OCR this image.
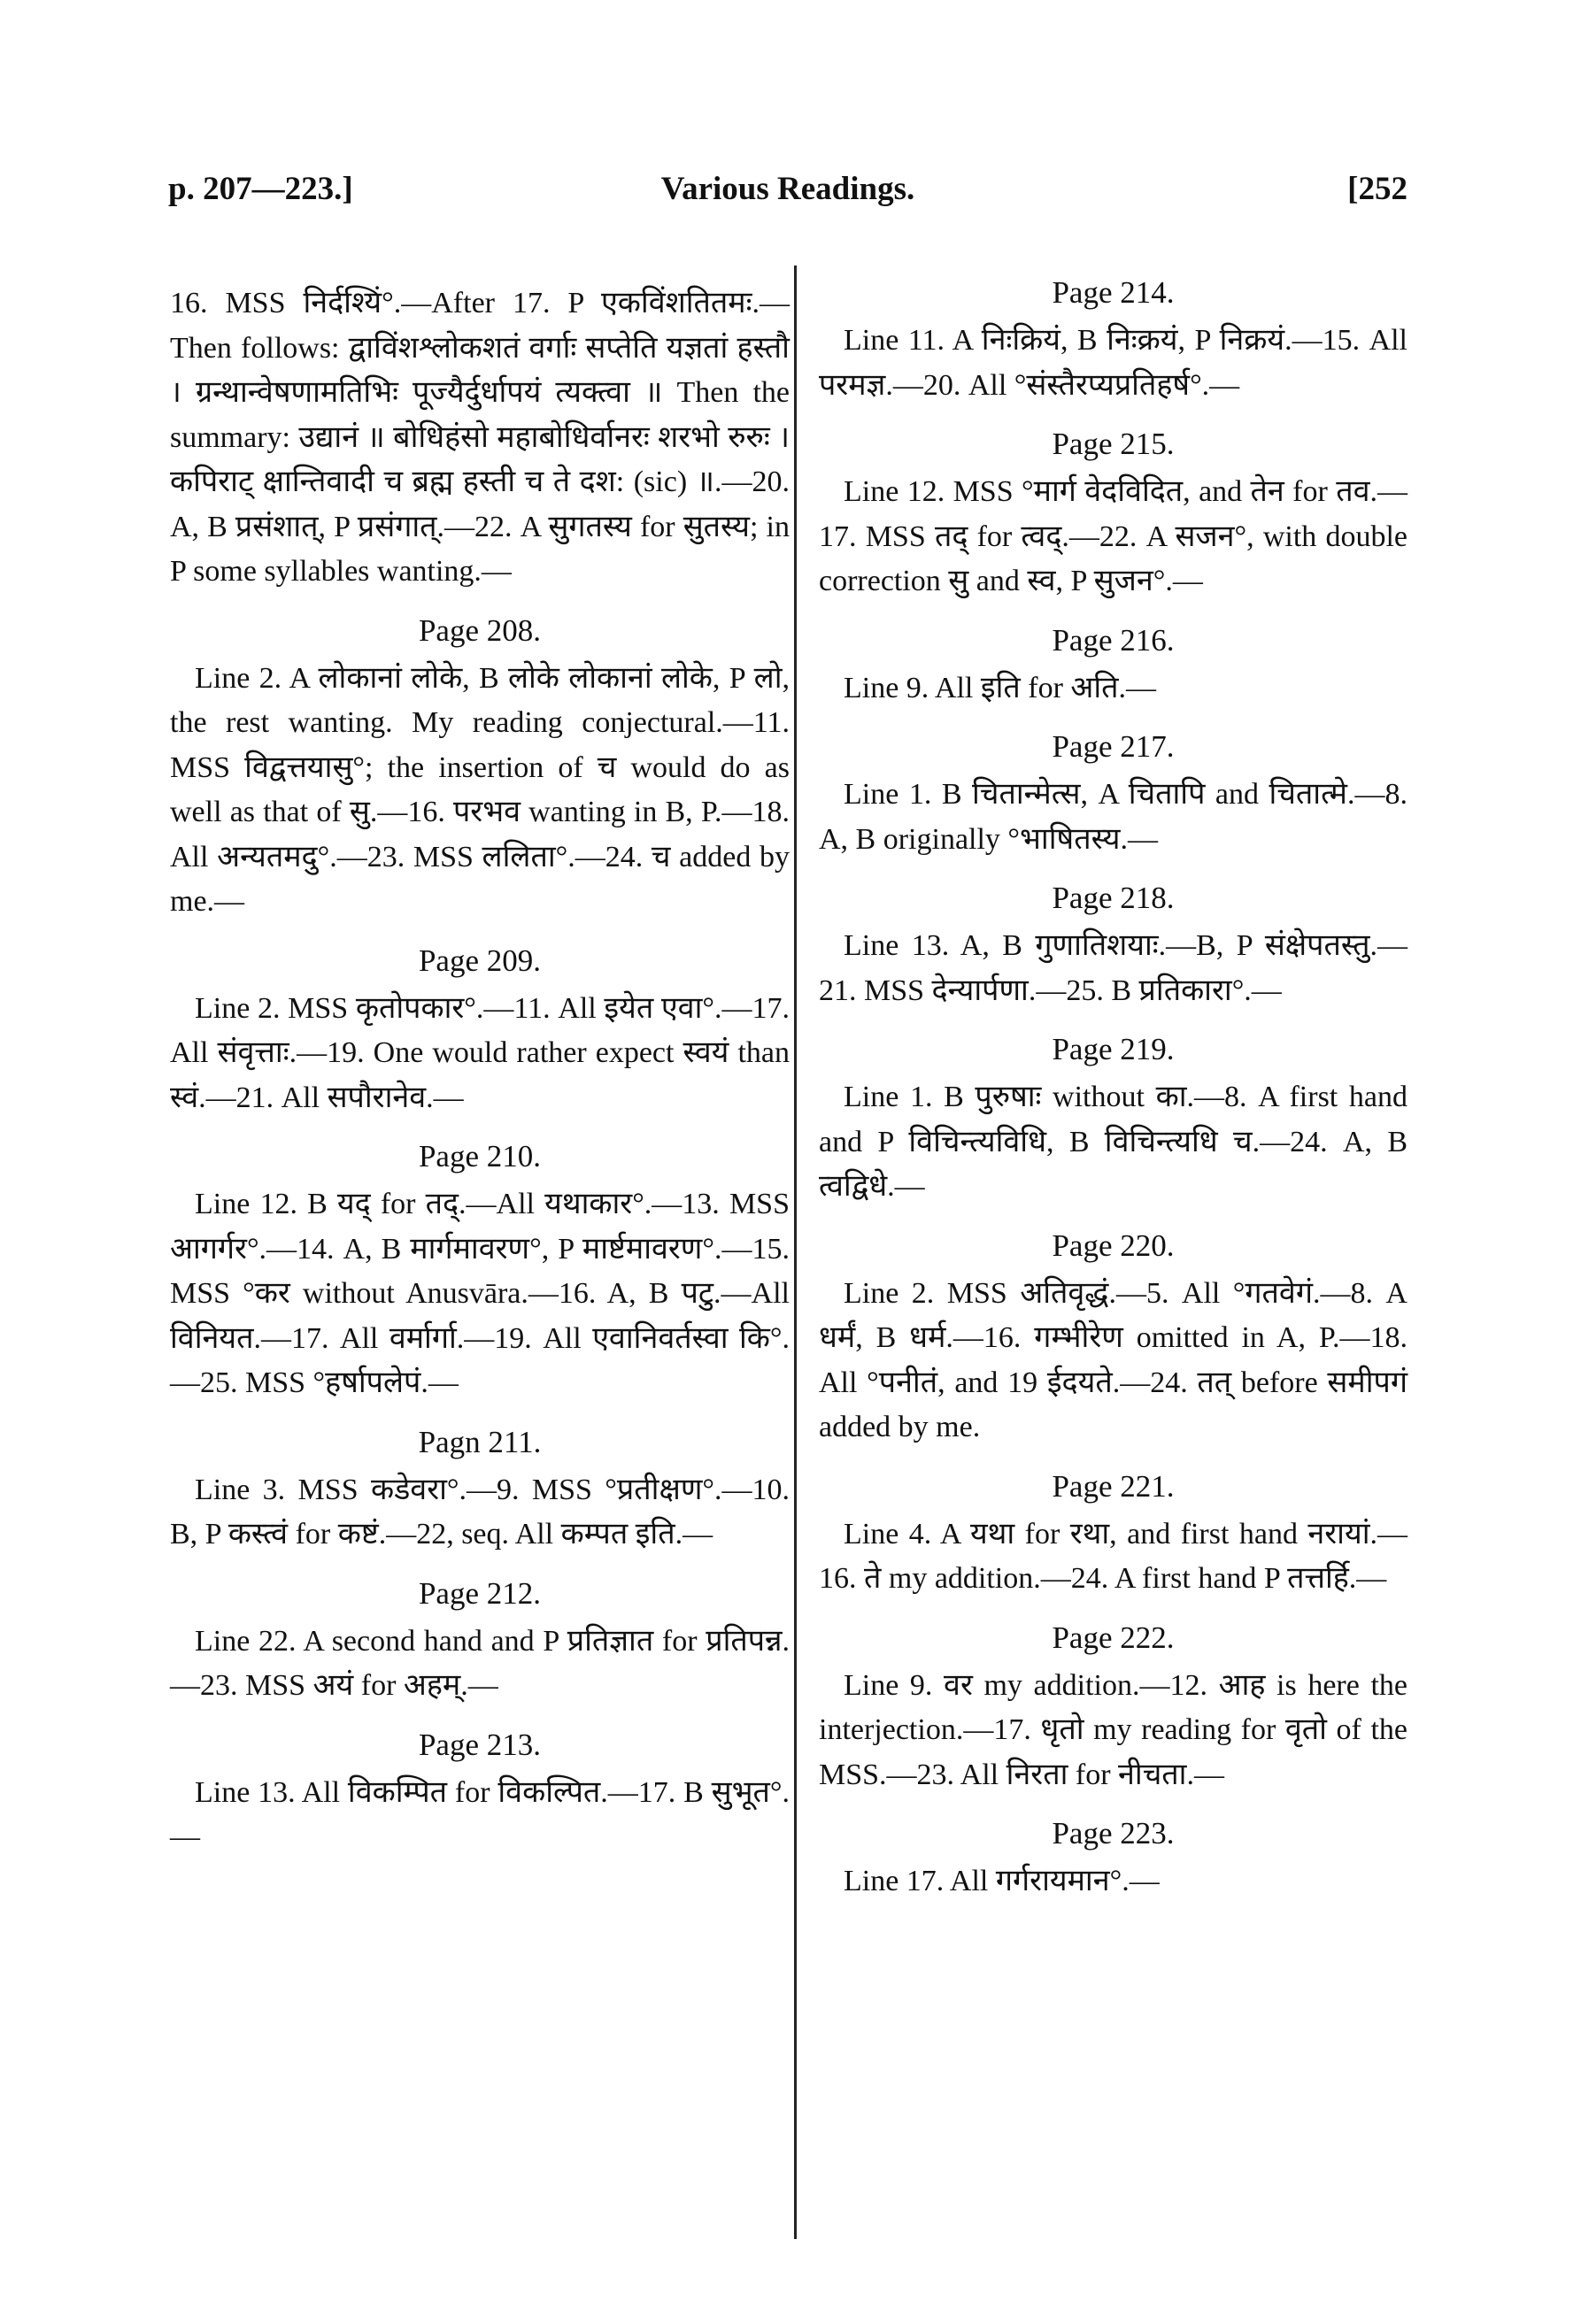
p. 207—223.]	Various Readings.	[252

16. MSS निर्दश्यिं°.—After 17. P एकविंशतितमः.—Then follows: द्वाविंशश्लोकशतं वर्गाः सप्तेति यज्ञतां हस्तौ । ग्रन्थान्वेषणामतिभिः पूज्यैर्दुर्धापयं त्यक्त्वा ॥ Then the summary: उद्यानं ॥ बोधिहंसो महाबोधिर्वानरः शरभो रुरुः । कपिराट् क्षान्तिवादी च ब्रह्म हस्ती च ते दश: (sic) ॥.—20. A, B प्रसंशात्, P प्रसंगात्.—22. A सुगतस्य for सुतस्य; in P some syllables wanting.—

Page 208.

Line 2. A लोकानां लोके, B लोके लोकानां लोके, P लो, the rest wanting. My reading conjectural.—11. MSS विद्वत्तयासु°; the insertion of च would do as well as that of सु.—16. परभव wanting in B, P.—18. All अन्यतमदु°.—23. MSS ललिता°.—24. च added by me.—

Page 209.

Line 2. MSS कृतोपकार°.—11. All इयेत एवा°.—17. All संवृत्ताः.—19. One would rather expect स्वयं than स्वं.—21. All सपौरानेव.—

Page 210.

Line 12. B यद् for तद्.—All यथाकार°.—13. MSS आगर्गर°.—14. A, B मार्गमावरण°, P मार्ष्टमावरण°.—15. MSS °कर without Anusvāra.—16. A, B पटु.—All विनियत.—17. All वर्मार्गा.—19. All एवानिवर्तस्वा कि°.—25. MSS °हर्षापलेपं.—

Pagn 211.

Line 3. MSS कडेवरा°.—9. MSS °प्रतीक्षण°.—10. B, P कस्त्वं for कष्टं.—22, seq. All कम्पत इति.—

Page 212.

Line 22. A second hand and P प्रतिज्ञात for प्रतिपन्न.—23. MSS अयं for अहम्.—

Page 213.

Line 13. All विकम्पित for विकल्पित.—17. B सुभूत°.—

Page 214.

Line 11. A निःक्रियं, B निःक्रयं, P निक्रयं.—15. All परमज्ञ.—20. All °संस्तैरप्यप्रतिहर्ष°.—

Page 215.

Line 12. MSS °मार्ग वेदविदित, and तेन for तव.—17. MSS तद् for त्वद्.—22. A सजन°, with double correction सु and स्व, P सुजन°.—

Page 216.

Line 9. All इति for अति.—

Page 217.

Line 1. B चितान्मेत्स, A चितापि and चितात्मे.—8. A, B originally °भाषितस्य.—

Page 218.

Line 13. A, B गुणातिशयाः.—B, P संक्षेपतस्तु.—21. MSS देन्यार्पणा.—25. B प्रतिकारा°.—

Page 219.

Line 1. B पुरुषाः without का.—8. A first hand and P विचिन्त्यविधि, B विचिन्त्यधि च.—24. A, B त्वद्विधे.—

Page 220.

Line 2. MSS अतिवृद्धं.—5. All °गतवेगं.—8. A धर्मं, B धर्म.—16. गम्भीरेण omitted in A, P.—18. All °पनीतं, and 19 ईदयते.—24. तत् before समीपगं added by me.

Page 221.

Line 4. A यथा for रथा, and first hand नरायां.—16. ते my addition.—24. A first hand P तत्तर्हि.—

Page 222.

Line 9. वर my addition.—12. आह is here the interjection.—17. धृतो my reading for वृतो of the MSS.—23. All निरता for नीचता.—

Page 223.

Line 17. All गर्गरायमान°.—
